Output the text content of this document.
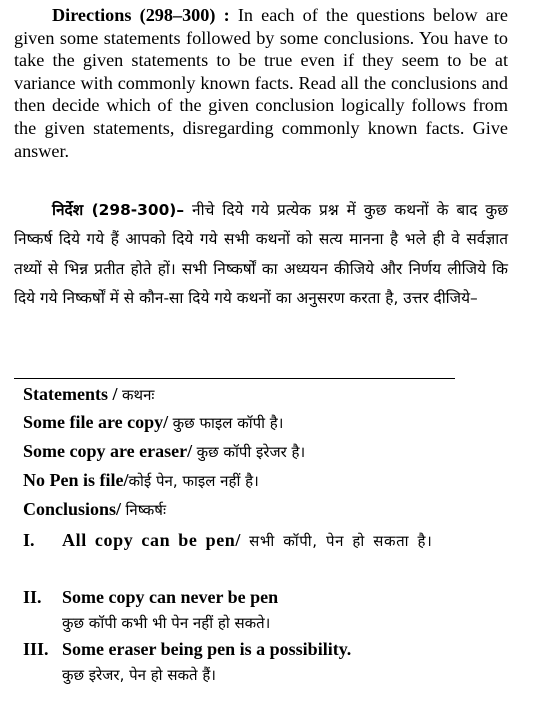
Directions (298–300) : In each of the questions below are given some statements followed by some conclusions. You have to take the given statements to be true even if they seem to be at variance with commonly known facts. Read all the conclusions and then decide which of the given conclusion logically follows from the given statements, disregarding commonly known facts. Give answer.
निर्देश (298-300)– नीचे दिये गये प्रत्येक प्रश्न में कुछ कथनों के बाद कुछ निष्कर्ष दिये गये हैं आपको दिये गये सभी कथनों को सत्य मानना है भले ही वे सर्वज्ञात तथ्यों से भिन्न प्रतीत होते हों। सभी निष्कर्षों का अध्ययन कीजिये और निर्णय लीजिये कि दिये गये निष्कर्षों में से कौन-सा दिये गये कथनों का अनुसरण करता है, उत्तर दीजिये–
Statements / कथनः
Some file are copy/ कुछ फाइल कॉपी है।
Some copy are eraser/ कुछ कॉपी इरेजर है।
No Pen is file/कोई पेन, फाइल नहीं है।
Conclusions/ निष्कर्षः
I. All copy can be pen/ सभी कॉपी, पेन हो सकता है।
II. Some copy can never be pen
कुछ कॉपी कभी भी पेन नहीं हो सकते।
III. Some eraser being pen is a possibility.
कुछ इरेजर, पेन हो सकते हैं।
